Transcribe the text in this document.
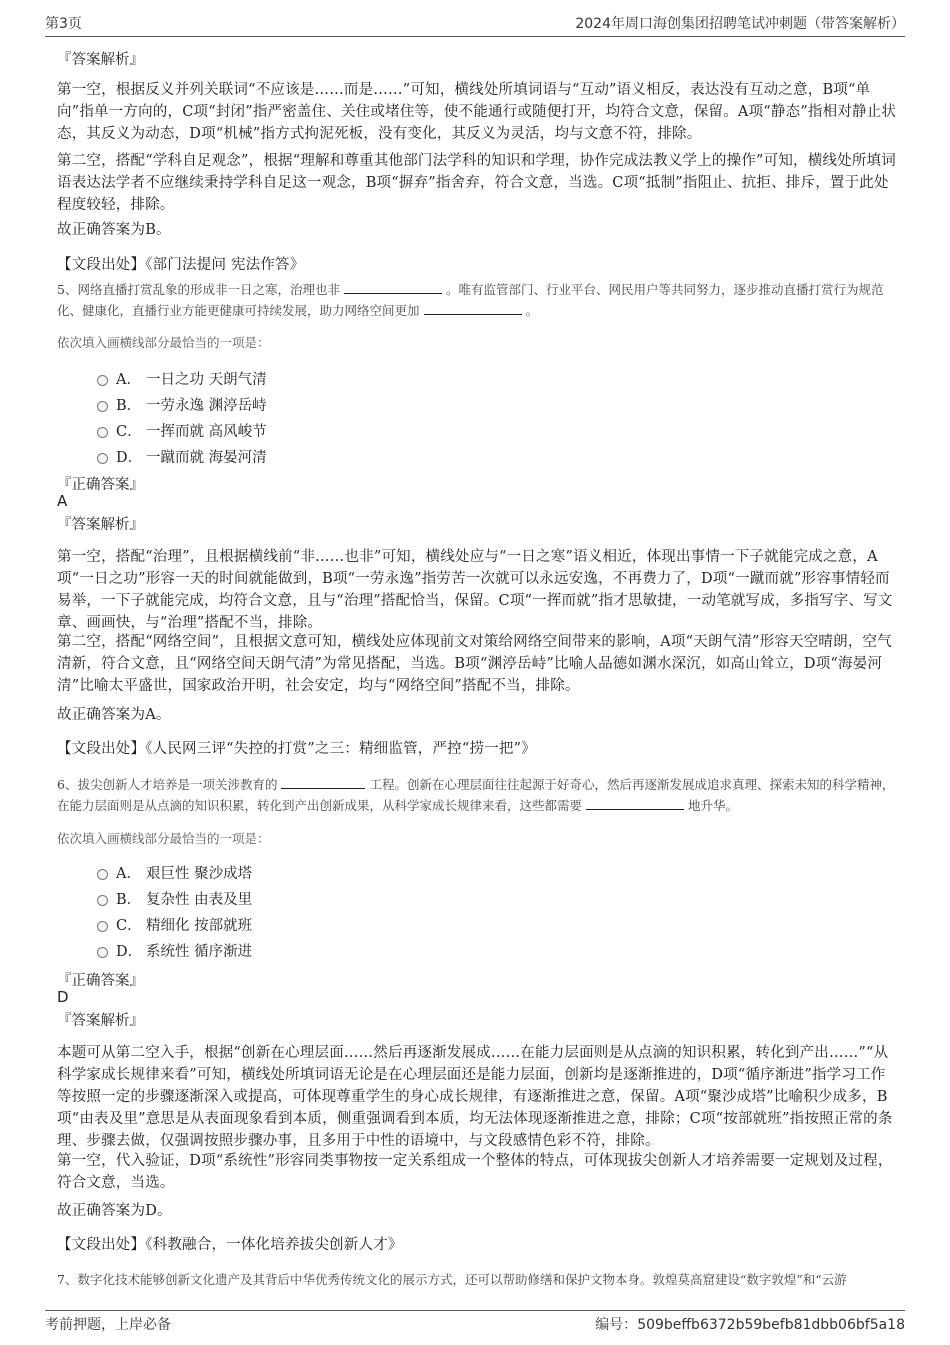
第3页	2024年周口海创集团招聘笔试冲刺题（带答案解析）
『答案解析』
第一空，根据反义并列关联词“不应该是……而是……”可知，横线处所填词语与“互动”语义相反，表达没有互动之意，B项“单向”指单一方向的，C项“封闭”指严密盖住、关住或堵住等，使不能通行或随便打开，均符合文意，保留。A项“静态”指相对静止状态，其反义为动态，D项“机械”指方式拘泥死板，没有变化，其反义为灵活，均与文意不符，排除。
第二空，搭配“学科自足观念”，根据“理解和尊重其他部门法学科的知识和学理，协作完成法教义学上的操作”可知，横线处所填词语表达法学者不应继续秉持学科自足这一观念，B项“摒弃”指舍弃，符合文意，当选。C项“抵制”指阻止、抗拒、排斥，置于此处程度较轻，排除。
故正确答案为B。
【文段出处】《部门法提问 宪法作答》
5、网络直播打赏乱象的形成非一日之寒，治理也非	。唯有监管部门、行业平台、网民用户等共同努力，逐步推动直播打赏行为规范化、健康化，直播行业方能更健康可持续发展，助力网络空间更加	。
依次填入画横线部分最恰当的一项是：
A． 一日之功 天朗气清
B． 一劳永逸 渊渟岳峙
C． 一挥而就 高风峻节
D． 一蹴而就 海晏河清
『正确答案』
A
『答案解析』
第一空，搭配“治理”，且根据横线前“非……也非”可知，横线处应与“一日之寒”语义相近，体现出事情一下子就能完成之意，A项“一日之功”形容一天的时间就能做到，B项“一劳永逸”指劳苦一次就可以永远安逸，不再费力了，D项“一蹴而就”形容事情轻而易举，一下子就能完成，均符合文意，且与“治理”搭配恰当，保留。C项“一挥而就”指才思敏捷，一动笔就写成，多指写字、写文章、画画快，与“治理”搭配不当，排除。
第二空，搭配“网络空间”，且根据文意可知，横线处应体现前文对策给网络空间带来的影响，A项“天朗气清”形容天空晴朗，空气清新，符合文意，且“网络空间天朗气清”为常见搭配，当选。B项“渊渟岳峙”比喻人品德如渊水深沉，如高山耸立，D项“海晏河清”比喻太平盛世，国家政治开明，社会安定，均与“网络空间”搭配不当，排除。
故正确答案为A。
【文段出处】《人民网三评“失控的打赏”之三：精细监管，严控“捞一把”》
6、拔尖创新人才培养是一项关涉教育的	工程。创新在心理层面往往起源于好奇心，然后再逐渐发展成追求真理、探索未知的科学精神，在能力层面则是从点滴的知识积累，转化到产出创新成果，从科学家成长规律来看，这些都需要	地升华。
依次填入画横线部分最恰当的一项是：
A． 艰巨性 聚沙成塔
B． 复杂性 由表及里
C． 精细化 按部就班
D． 系统性 循序渐进
『正确答案』
D
『答案解析』
本题可从第二空入手，根据“创新在心理层面……然后再逐渐发展成……在能力层面则是从点滴的知识积累，转化到产出……”“从科学家成长规律来看”可知，横线处所填词语无论是在心理层面还是能力层面，创新均是逐渐推进的，D项“循序渐进”指学习工作等按照一定的步骤逐渐深入或提高，可体现尊重学生的身心成长规律，有逐渐推进之意，保留。A项“聚沙成塔”比喻积少成多，B项“由表及里”意思是从表面现象看到本质，侧重强调看到本质，均无法体现逐渐推进之意，排除；C项“按部就班”指按照正常的条理、步骤去做，仅强调按照步骤办事，且多用于中性的语境中，与文段感情色彩不符，排除。
第一空，代入验证，D项“系统性”形容同类事物按一定关系组成一个整体的特点，可体现拔尖创新人才培养需要一定规划及过程，符合文意，当选。
故正确答案为D。
【文段出处】《科教融合，一体化培养拔尖创新人才》
7、数字化技术能够创新文化遗产及其背后中华优秀传统文化的展示方式，还可以帮助修缮和保护文物本身。敦煌莫高窟建设“数字敦煌”和“云游
考前押题，上岸必备	编号：509beffb6372b59befb81dbb06bf5a18
